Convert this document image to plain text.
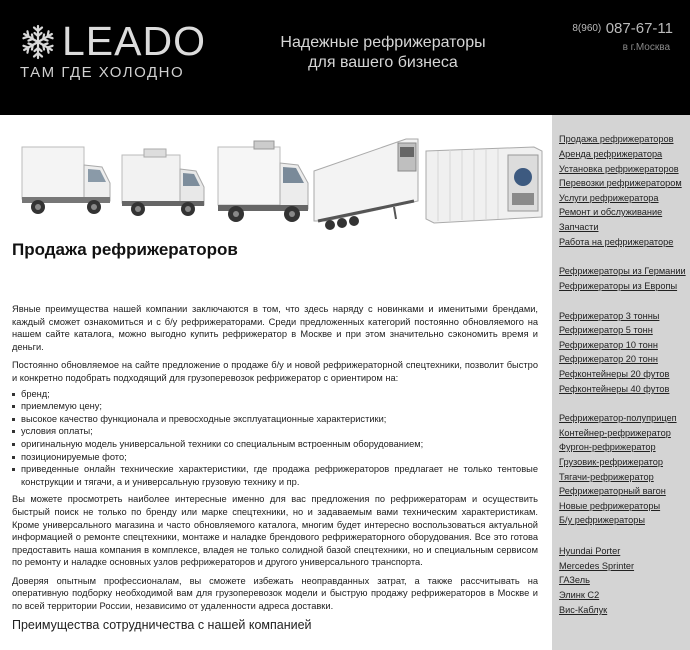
LEADO
ТАМ ГДЕ ХОЛОДНО
Надежные рефрижераторы
для вашего бизнеса
8(960) 087-67-11
в г.Москва
Продажа рефрижераторов

Явные преимущества нашей компании заключаются в том, что здесь наряду с новинками и именитыми брендами, каждый сможет ознакомиться и с б/у рефрижераторами. Среди предложенных категорий постоянно обновляемого на нашем сайте каталога, можно выгодно купить рефрижератор в Москве и при этом значительно сэкономить время и деньги.

Постоянно обновляемое на сайте предложение о продаже б/у и новой рефрижераторной спецтехники, позволит быстро и конкретно подобрать подходящий для грузоперевозок рефрижератор с ориентиром на:

бренд;
приемлемую цену;
высокое качество функционала и превосходные эксплуатационные характеристики;
условия оплаты;
оригинальную модель универсальной техники со специальным встроенным оборудованием;
позиционируемые фото;
приведенные онлайн технические характеристики, где продажа рефрижераторов предлагает не только тентовые конструкции и тягачи, а и универсальную грузовую технику и пр.

Вы можете просмотреть наиболее интересные именно для вас предложения по рефрижераторам и осуществить быстрый поиск не только по бренду или марке спецтехники, но и задаваемым вами техническим характеристикам. Кроме универсального магазина и часто обновляемого каталога, многим будет интересно воспользоваться актуальной информацией о ремонте спецтехники, монтаже и наладке брендового рефрижераторного оборудования. Все это готова предоставить наша компания в комплексе, владея не только солидной базой спецтехники, но и специальным сервисом по ремонту и наладке основных узлов рефрижераторов и другого универсального транспорта.

Доверяя опытным профессионалам, вы сможете избежать неоправданных затрат, а также рассчитывать на оперативную подборку необходимой вам для грузоперевозок модели и быструю продажу рефрижераторов в Москве и по всей территории России, независимо от удаленности адреса доставки.

Преимущества сотрудничества с нашей компанией
Продажа рефрижераторов
Аренда рефрижератора
Установка рефрижераторов
Перевозки рефрижератором
Услуги рефрижератора
Ремонт и обслуживание
Запчасти
Работа на рефрижераторе
Рефрижераторы из Германии
Рефрижераторы из Европы
Рефрижератор 3 тонны
Рефрижератор 5 тонн
Рефрижератор 10 тонн
Рефрижератор 20 тонн
Рефконтейнеры 20 футов
Рефконтейнеры 40 футов
Рефрижератор-полуприцеп
Контейнер-рефрижератор
Фургон-рефрижератор
Грузовик-рефрижератор
Тягачи-рефрижератор
Рефрижераторный вагон
Новые рефрижераторы
Б/у рефрижераторы
Hyundai Porter
Mercedes Sprinter
ГАЗель
Элинк С2
Вис-Каблук
